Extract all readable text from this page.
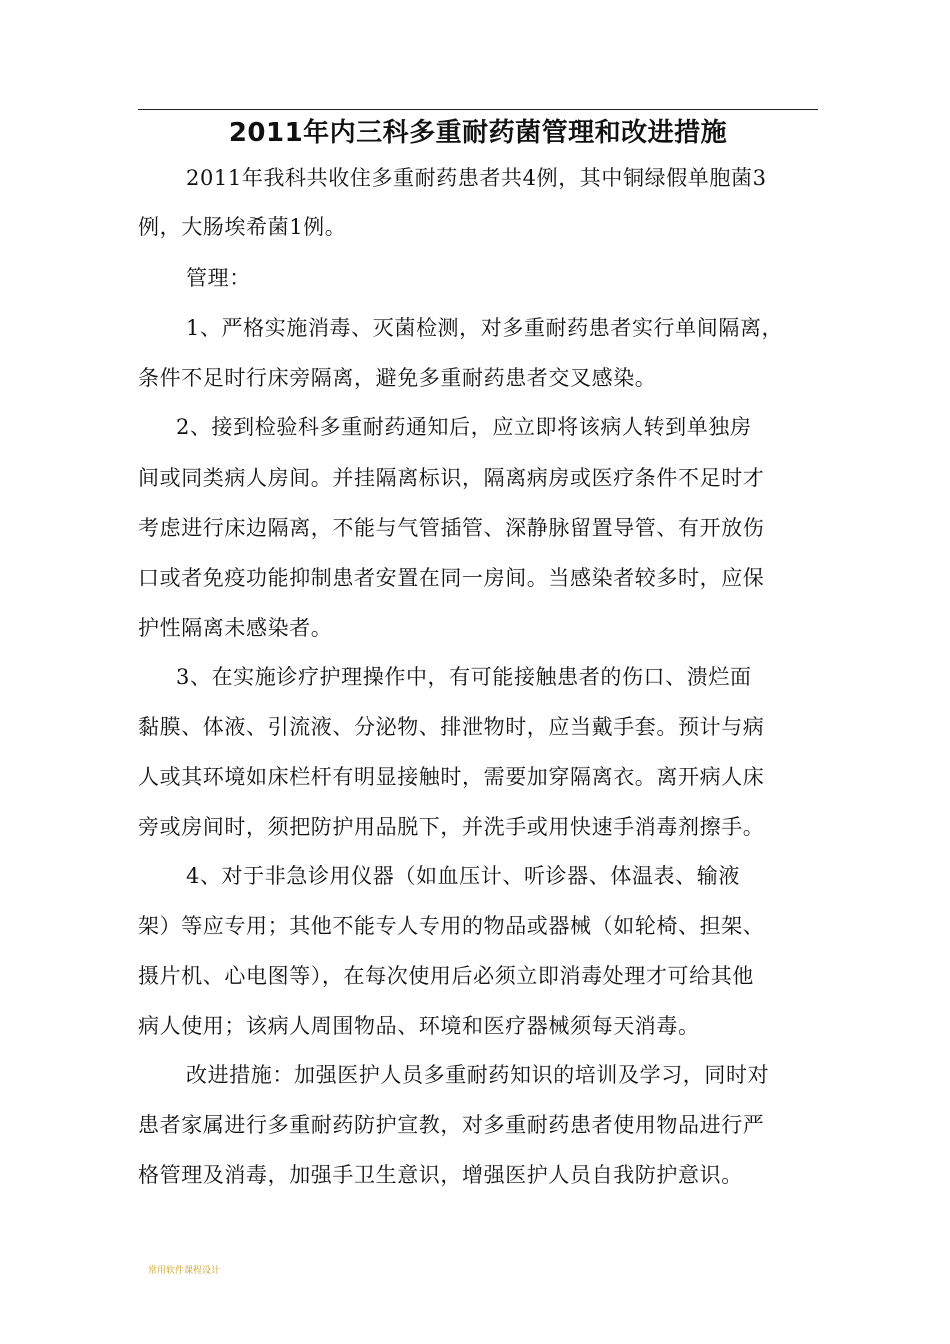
2011年内三科多重耐药菌管理和改进措施
2011年我科共收住多重耐药患者共4例，其中铜绿假单胞菌3
例，大肠埃希菌1例。
管理：
1、严格实施消毒、灭菌检测，对多重耐药患者实行单间隔离，
条件不足时行床旁隔离，避免多重耐药患者交叉感染。
2、接到检验科多重耐药通知后，应立即将该病人转到单独房
间或同类病人房间。并挂隔离标识，隔离病房或医疗条件不足时才
考虑进行床边隔离，不能与气管插管、深静脉留置导管、有开放伤
口或者免疫功能抑制患者安置在同一房间。当感染者较多时，应保
护性隔离未感染者。
3、在实施诊疗护理操作中，有可能接触患者的伤口、溃烂面
黏膜、体液、引流液、分泌物、排泄物时，应当戴手套。预计与病
人或其环境如床栏杆有明显接触时，需要加穿隔离衣。离开病人床
旁或房间时，须把防护用品脱下，并洗手或用快速手消毒剂擦手。
4、对于非急诊用仪器（如血压计、听诊器、体温表、输液
架）等应专用；其他不能专人专用的物品或器械（如轮椅、担架、
摄片机、心电图等），在每次使用后必须立即消毒处理才可给其他
病人使用；该病人周围物品、环境和医疗器械须每天消毒。
改进措施：加强医护人员多重耐药知识的培训及学习，同时对
患者家属进行多重耐药防护宣教，对多重耐药患者使用物品进行严
格管理及消毒，加强手卫生意识，增强医护人员自我防护意识。
常用软件课程设计
